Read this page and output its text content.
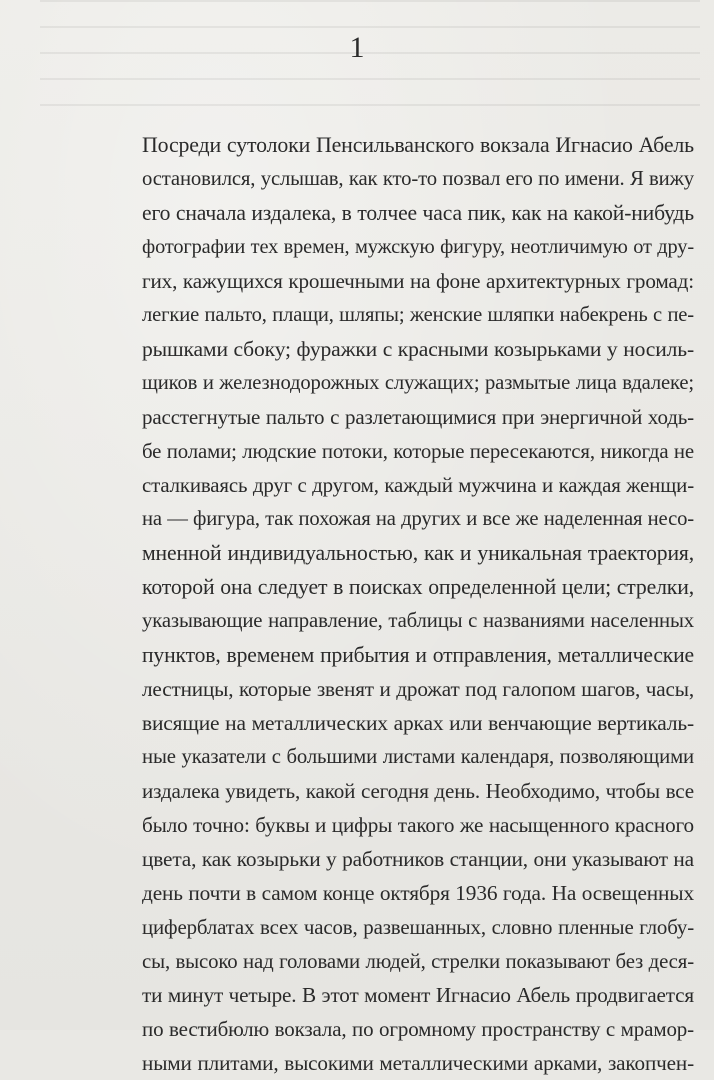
1
Посреди сутолоки Пенсильванского вокзала Игнасио Абель
остановился, услышав, как кто-то позвал его по имени. Я вижу
его сначала издалека, в толчее часа пик, как на какой-нибудь
фотографии тех времен, мужскую фигуру, неотличимую от дру-
гих, кажущихся крошечными на фоне архитектурных громад:
легкие пальто, плащи, шляпы; женские шляпки набекрень с пе-
рышками сбоку; фуражки с красными козырьками у носиль-
щиков и железнодорожных служащих; размытые лица вдалеке;
расстегнутые пальто с разлетающимися при энергичной ходь-
бе полами; людские потоки, которые пересекаются, никогда не
сталкиваясь друг с другом, каждый мужчина и каждая женщи-
на — фигура, так похожая на других и все же наделенная несо-
мненной индивидуальностью, как и уникальная траектория,
которой она следует в поисках определенной цели; стрелки,
указывающие направление, таблицы с названиями населенных
пунктов, временем прибытия и отправления, металлические
лестницы, которые звенят и дрожат под галопом шагов, часы,
висящие на металлических арках или венчающие вертикаль-
ные указатели с большими листами календаря, позволяющими
издалека увидеть, какой сегодня день. Необходимо, чтобы все
было точно: буквы и цифры такого же насыщенного красного
цвета, как козырьки у работников станции, они указывают на
день почти в самом конце октября 1936 года. На освещенных
циферблатах всех часов, развешанных, словно пленные глобу-
сы, высоко над головами людей, стрелки показывают без деся-
ти минут четыре. В этот момент Игнасио Абель продвигается
по вестибюлю вокзала, по огромному пространству с мрамор-
ными плитами, высокими металлическими арками, закопчен-
